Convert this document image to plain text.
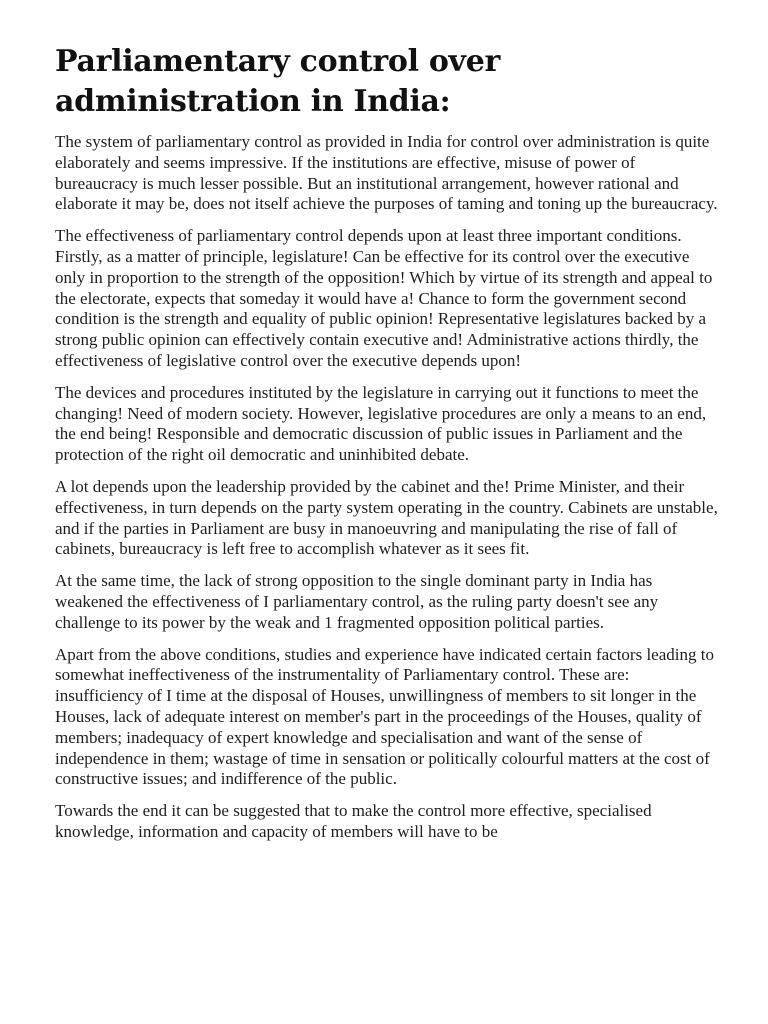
Parliamentary control over administration in India:

The system of parliamentary control as provided in India for control over administration is quite elaborately and seems impressive. If the institutions are effective, misuse of power of bureaucracy is much lesser possible. But an institutional arrangement, however rational and elaborate it may be, does not itself achieve the purposes of taming and toning up the bureaucracy.

The effectiveness of parliamentary control depends upon at least three important conditions. Firstly, as a matter of principle, legislature! Can be effective for its control over the executive only in proportion to the strength of the opposition! Which by virtue of its strength and appeal to the electorate, expects that someday it would have a! Chance to form the government second condition is the strength and equality of public opinion! Representative legislatures backed by a strong public opinion can effectively contain executive and! Administrative actions thirdly, the effectiveness of legislative control over the executive depends upon!

The devices and procedures instituted by the legislature in carrying out it functions to meet the changing! Need of modern society. However, legislative procedures are only a means to an end, the end being! Responsible and democratic discussion of public issues in Parliament and the protection of the right oil democratic and uninhibited debate.

A lot depends upon the leadership provided by the cabinet and the! Prime Minister, and their effectiveness, in turn depends on the party system operating in the country. Cabinets are unstable, and if the parties in Parliament are busy in manoeuvring and manipulating the rise of fall of cabinets, bureaucracy is left free to accomplish whatever as it sees fit.

At the same time, the lack of strong opposition to the single dominant party in India has weakened the effectiveness of I parliamentary control, as the ruling party doesn't see any challenge to its power by the weak and 1 fragmented opposition political parties.

Apart from the above conditions, studies and experience have indicated certain factors leading to somewhat ineffectiveness of the instrumentality of Parliamentary control. These are: insufficiency of I time at the disposal of Houses, unwillingness of members to sit longer in the Houses, lack of adequate interest on member's part in the proceedings of the Houses, quality of members; inadequacy of expert knowledge and specialisation and want of the sense of independence in them; wastage of time in sensation or politically colourful matters at the cost of constructive issues; and indifference of the public.

Towards the end it can be suggested that to make the control more effective, specialised knowledge, information and capacity of members will have to be
